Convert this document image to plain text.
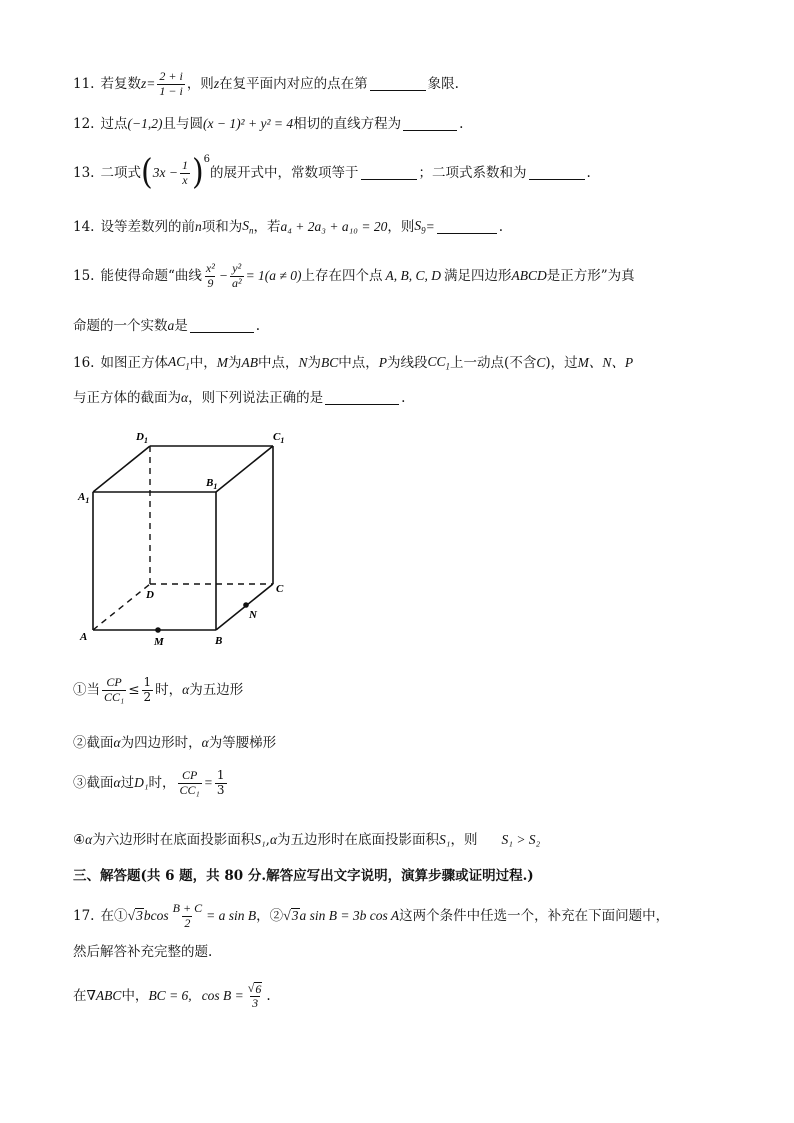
11. 若复数 $z = \frac{2 + i}{1 - i}$ ，则 z 在复平面内对应的点在第	象限.
12. 过点 (−1,2) 且与圆 (x − 1)² + y² = 4 相切的直线方程为	.
13. 二项式 ( $3x - \frac{1}{x}$ ) 6
的展开式中，常数项等于	；二项式系数和为	.
14. 设等差数列的前 n 项和为 $S_n$ ，若 a₄ + 2a₃ + a₁₀ = 20 ，则 $S_9$ =	.
15. 能使得命题“曲线 $\frac{\text{x²}}{9} - \frac{\text{y²}}{\text{a²}} = 1(a \ne 0)$ 上存在四个点 A, B, C, D 满足四边形 ABCD 是正方形”为真
命题的一个实数 a 是	.
16. 如图正方体 $AC_1$ 中， M 为 AB 中点， N 为 BC 中点， P 为线段 $CC_1$ 上一动点(不含 C )，过 M、N、P
与正方体的截面为 α ，则下列说法正确的是	.
$D_1$	$C_1$
$A_1$
$B_1$
D	C
A	B
M
N
①当 $\frac{CP}{\text{CC₁}} \le \frac{1}{2}$ 时， α 为五边形
②截面 α 为四边形时， α 为等腰梯形
③截面 α 过 D₁ 时， $\frac{CP}{\text{CC₁}} = \frac{1}{3}$
④ α 为六边形时在底面投影面积 S₁ , α 为五边形时在底面投影面积 S₁ ，则 S₁ > S₂
三、解答题(共 6 题，共 80 分.解答应写出文字说明，演算步骤或证明过程.)
17. 在① √ 3 b $\cos \frac{B + C}{2} = a$ sin B ，② √ 3 a sin B = 3b cos A 这两个条件中任选一个，补充在下面问题中，
然后解答补充完整的题.
在 ∇ABC 中， BC = 6, $\cos B = \frac{√ 6}{3}$ .
